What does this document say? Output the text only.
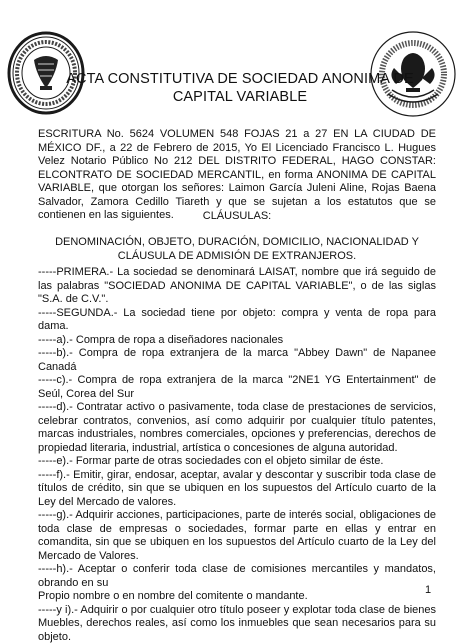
ACTA CONSTITUTIVA DE SOCIEDAD ANONIMA DE
CAPITAL VARIABLE
ESCRITURA No. 5624 VOLUMEN 548 FOJAS 21 a 27 EN LA CIUDAD DE MÉXICO DF., a 22 de Febrero de 2015, Yo El Licenciado Francisco L. Hugues Velez Notario Público No 212 DEL DISTRITO FEDERAL, HAGO CONSTAR: ELCONTRATO DE SOCIEDAD MERCANTIL, en forma ANONIMA DE CAPITAL VARIABLE, que otorgan los señores: Laimon García Juleni Aline, Rojas Baena Salvador, Zamora Cedillo Tiareth y que se sujetan a los estatutos que se contienen en las siguientes.	CLÁUSULAS:
DENOMINACIÓN, OBJETO, DURACIÓN, DOMICILIO, NACIONALIDAD Y CLÁUSULA DE ADMISIÓN DE EXTRANJEROS.
-----PRIMERA.- La sociedad se denominará LAISAT, nombre que irá seguido de las palabras "SOCIEDAD ANONIMA DE CAPITAL VARIABLE", o de las siglas "S.A. de C.V.".
-----SEGUNDA.- La sociedad tiene por objeto: compra y venta de ropa para dama.
-----a).- Compra de ropa a diseñadores nacionales
-----b).- Compra de ropa extranjera de la marca "Abbey Dawn" de Napanee Canadá
-----c).- Compra de ropa extranjera de la marca "2NE1 YG Entertainment" de Seúl, Corea del Sur
-----d).- Contratar activo o pasivamente, toda clase de prestaciones de servicios, celebrar contratos, convenios, así como adquirir por cualquier título patentes, marcas industriales, nombres comerciales, opciones y preferencias, derechos de propiedad literaria, industrial, artística o concesiones de alguna autoridad.
-----e).- Formar parte de otras sociedades con el objeto similar de éste.
-----f).- Emitir, girar, endosar, aceptar, avalar y descontar y suscribir toda clase de títulos de crédito, sin que se ubiquen en los supuestos del Artículo cuarto de la Ley del Mercado de valores.
-----g).- Adquirir acciones, participaciones, parte de interés social, obligaciones de toda clase de empresas o sociedades, formar parte en ellas y entrar en comandita, sin que se ubiquen en los supuestos del Artículo cuarto de la Ley del Mercado de Valores.
-----h).- Aceptar o conferir toda clase de comisiones mercantiles y mandatos, obrando en su
Propio nombre o en nombre del comitente o mandante.
-----y i).- Adquirir o por cualquier otro título poseer y explotar toda clase de bienes Muebles, derechos reales, así como los inmuebles que sean necesarios para su objeto.
1
